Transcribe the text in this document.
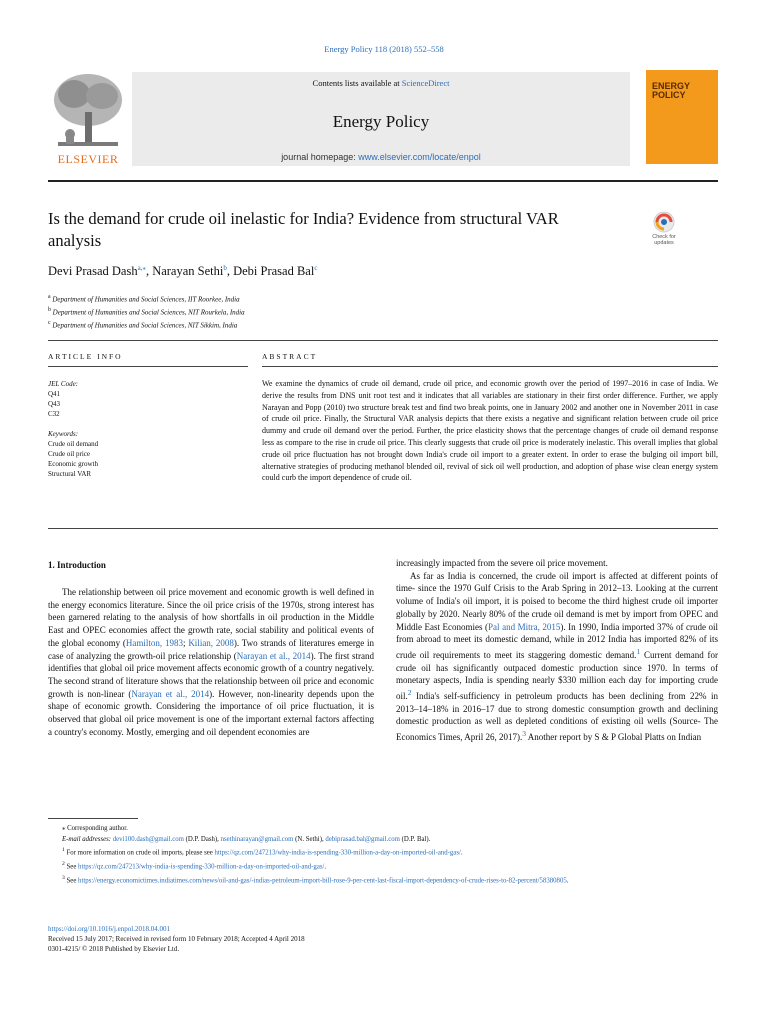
Energy Policy 118 (2018) 552–558
ELSEVIER
Contents lists available at ScienceDirect
Energy Policy
journal homepage: www.elsevier.com/locate/enpol
ENERGY
POLICY
Is the demand for crude oil inelastic for India? Evidence from structural VAR analysis	Check for updates
Devi Prasad Dash$^{a,⁎}$, Narayan Sethi$^b$, Debi Prasad Bal$^c$
$^a$ Department of Humanities and Social Sciences, IIT Roorkee, India
$^b$ Department of Humanities and Social Sciences, NIT Rourkela, India
$^c$ Department of Humanities and Social Sciences, NIT Sikkim, India
ARTICLE INFO	ABSTRACT
JEL Code:
Q41
Q43
C32
Keywords:
Crude oil demand
Crude oil price
Economic growth
Structural VAR
We examine the dynamics of crude oil demand, crude oil price, and economic growth over the period of 1997–2016 in case of India. We derive the results from DNS unit root test and it indicates that all variables are stationary in their first order difference. Further, we apply Narayan and Popp (2010) two structure break test and find two break points, one in January 2002 and another one in November 2011 in case of crude oil price. Finally, the Structural VAR analysis depicts that there exists a negative and significant relation between crude oil price dummy and crude oil demand over the period. Further, the price elasticity shows that the percentage changes of crude oil demand response less as compare to the rise in crude oil price. This clearly suggests that crude oil price is moderately inelastic. This overall implies that global crude oil price fluctuation has not brought down India's crude oil import to a greater extent. In order to erase the bulging oil import bill, alternative strategies of producing methanol blended oil, revival of sick oil well production, and adoption of phase wise clean energy system could curb the import dependence of crude oil.
1. Introduction
The relationship between oil price movement and economic growth is well defined in the energy economics literature. Since the oil price crisis of the 1970s, strong interest has been garnered relating to the analysis of how shortfalls in oil production in the Middle East and OPEC economies affect the growth rate, social stability and political events of the global economy (Hamilton, 1983; Kilian, 2008). Two strands of literatures emerge in case of analyzing the growth-oil price relationship (Narayan et al., 2014). The first strand identifies that global oil price movement affects economic growth of a country negatively. The second strand of literature shows that the relationship between oil price and economic growth is non-linear (Narayan et al., 2014). However, non-linearity depends upon the shape of economic growth. Considering the importance of oil price fluctuation, it is observed that global oil price movement is one of the important external factors affecting a country's economy. Mostly, emerging and oil dependent economies are
increasingly impacted from the severe oil price movement.
As far as India is concerned, the crude oil import is affected at different points of time- since the 1970 Gulf Crisis to the Arab Spring in 2012–13. Looking at the current volume of India's oil import, it is poised to become the third highest crude oil importer globally by 2020. Nearly 80% of the crude oil demand is met by import from OPEC and Middle East Economies (Pal and Mitra, 2015). In 1990, India imported 37% of crude oil from abroad to meet its domestic demand, while in 2012 India has imported 82% of its crude oil requirements to meet its staggering domestic demand.$^1$ Current demand for crude oil has significantly outpaced domestic production since 1970. In terms of monetary aspects, India is spending nearly $330 million each day for importing crude oil.$^2$ India's self-sufficiency in petroleum products has been declining from 22% in 2013–14–18% in 2016–17 due to strong domestic consumption growth and declining domestic production as well as depleted conditions of existing oil wells (Source- The Economics Times, April 26, 2017).$^3$ Another report by S & P Global Platts on Indian
⁎ Corresponding author.
E-mail addresses: devi100.dash@gmail.com (D.P. Dash), nsethinarayan@gmail.com (N. Sethi), debiprasad.bal@gmail.com (D.P. Bal).
$^1$ For more information on crude oil imports, please see https://qz.com/247213/why-india-is-spending-330-million-a-day-on-imported-oil-and-gas/.
$^2$ See https://qz.com/247213/why-india-is-spending-330-million-a-day-on-imported-oil-and-gas/.
$^3$ See https://energy.economictimes.indiatimes.com/news/oil-and-gas/-indias-petroleum-import-bill-rose-9-per-cent-last-fiscal-import-dependency-of-crude-rises-to-82-percent/58380805.
https://doi.org/10.1016/j.enpol.2018.04.001
Received 15 July 2017; Received in revised form 10 February 2018; Accepted 4 April 2018
0301-4215/ © 2018 Published by Elsevier Ltd.
